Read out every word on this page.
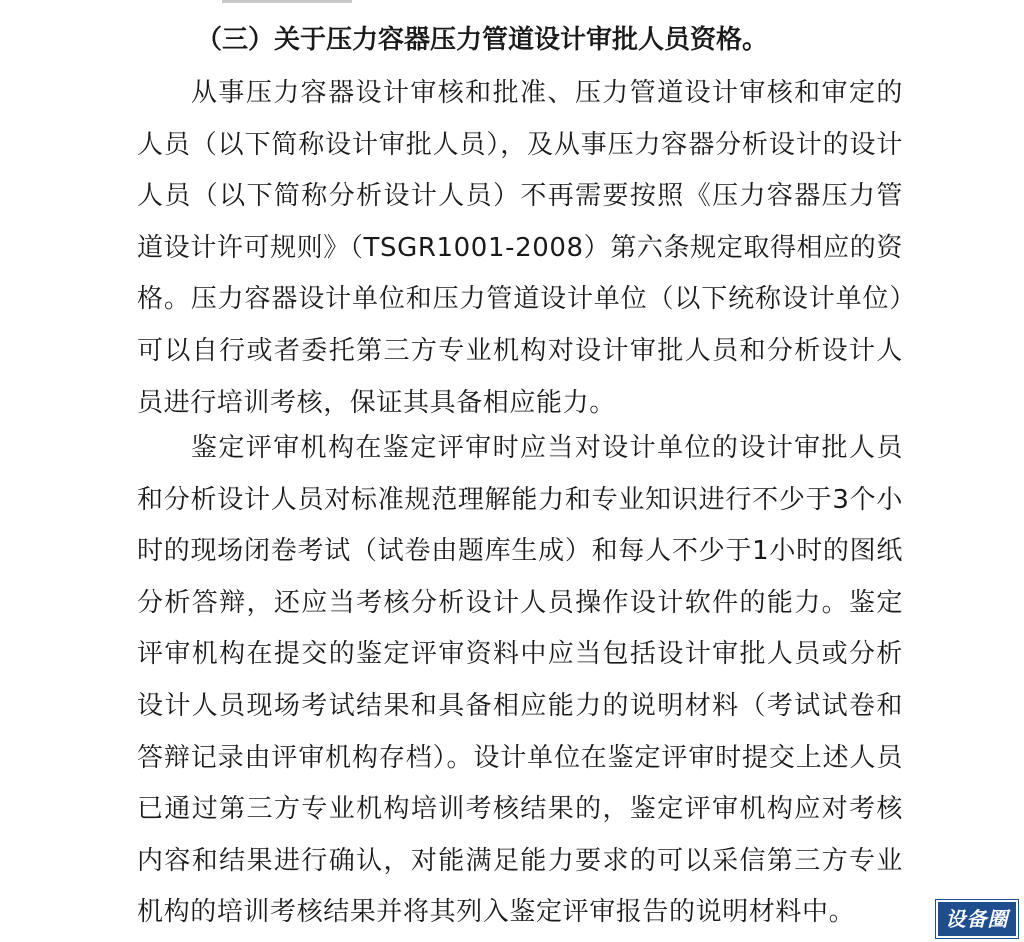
（三）关于压力容器压力管道设计审批人员资格。

从事压力容器设计审核和批准、压力管道设计审核和审定的人员（以下简称设计审批人员），及从事压力容器分析设计的设计人员（以下简称分析设计人员）不再需要按照《压力容器压力管道设计许可规则》（TSGR1001-2008）第六条规定取得相应的资格。压力容器设计单位和压力管道设计单位（以下统称设计单位）可以自行或者委托第三方专业机构对设计审批人员和分析设计人员进行培训考核，保证其具备相应能力。

鉴定评审机构在鉴定评审时应当对设计单位的设计审批人员和分析设计人员对标准规范理解能力和专业知识进行不少于3个小时的现场闭卷考试（试卷由题库生成）和每人不少于1小时的图纸分析答辩，还应当考核分析设计人员操作设计软件的能力。鉴定评审机构在提交的鉴定评审资料中应当包括设计审批人员或分析设计人员现场考试结果和具备相应能力的说明材料（考试试卷和答辩记录由评审机构存档）。设计单位在鉴定评审时提交上述人员已通过第三方专业机构培训考核结果的，鉴定评审机构应对考核内容和结果进行确认，对能满足能力要求的可以采信第三方专业机构的培训考核结果并将其列入鉴定评审报告的说明材料中。	设备圈
